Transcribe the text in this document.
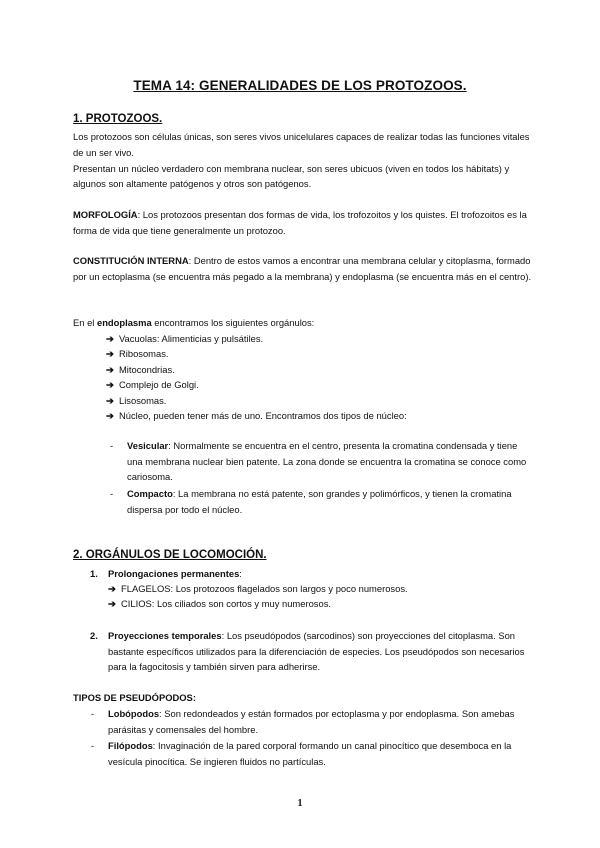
TEMA 14: GENERALIDADES DE LOS PROTOZOOS.
1. PROTOZOOS.
Los protozoos son células únicas, son seres vivos unicelulares capaces de realizar todas las funciones vitales de un ser vivo.
Presentan un núcleo verdadero con membrana nuclear, son seres ubicuos (viven en todos los hábitats) y algunos son altamente patógenos y otros son patógenos.
MORFOLOGÍA: Los protozoos presentan dos formas de vida, los trofozoitos y los quistes. El trofozoitos es la forma de vida que tiene generalmente un protozoo.
CONSTITUCIÓN INTERNA: Dentro de estos vamos a encontrar una membrana celular y citoplasma, formado por un ectoplasma (se encuentra más pegado a la membrana) y endoplasma (se encuentra más en el centro).
En el endoplasma encontramos los siguientes orgánulos:
➔ Vacuolas: Alimenticias y pulsátiles.
➔ Ribosomas.
➔ Mitocondrias.
➔ Complejo de Golgi.
➔ Lisosomas.
➔ Núcleo, pueden tener más de uno. Encontramos dos tipos de núcleo:
- Vesicular: Normalmente se encuentra en el centro, presenta la cromatina condensada y tiene una membrana nuclear bien patente. La zona donde se encuentra la cromatina se conoce como cariosoma.
- Compacto: La membrana no está patente, son grandes y polimórficos, y tienen la cromatina dispersa por todo el núcleo.
2. ORGÁNULOS DE LOCOMOCIÓN.
1. Prolongaciones permanentes:
➔ FLAGELOS: Los protozoos flagelados son largos y poco numerosos.
➔ CILIOS: Los ciliados son cortos y muy numerosos.
2. Proyecciones temporales: Los pseudópodos (sarcodinos) son proyecciones del citoplasma. Son bastante específicos utilizados para la diferenciación de especies. Los pseudópodos son necesarios para la fagocitosis y también sirven para adherirse.
TIPOS DE PSEUDÓPODOS:
- Lobópodos: Son redondeados y están formados por ectoplasma y por endoplasma. Son amebas parásitas y comensales del hombre.
- Filópodos: Invaginación de la pared corporal formando un canal pinocítico que desemboca en la vesícula pinocítica. Se ingieren fluidos no partículas.
1
